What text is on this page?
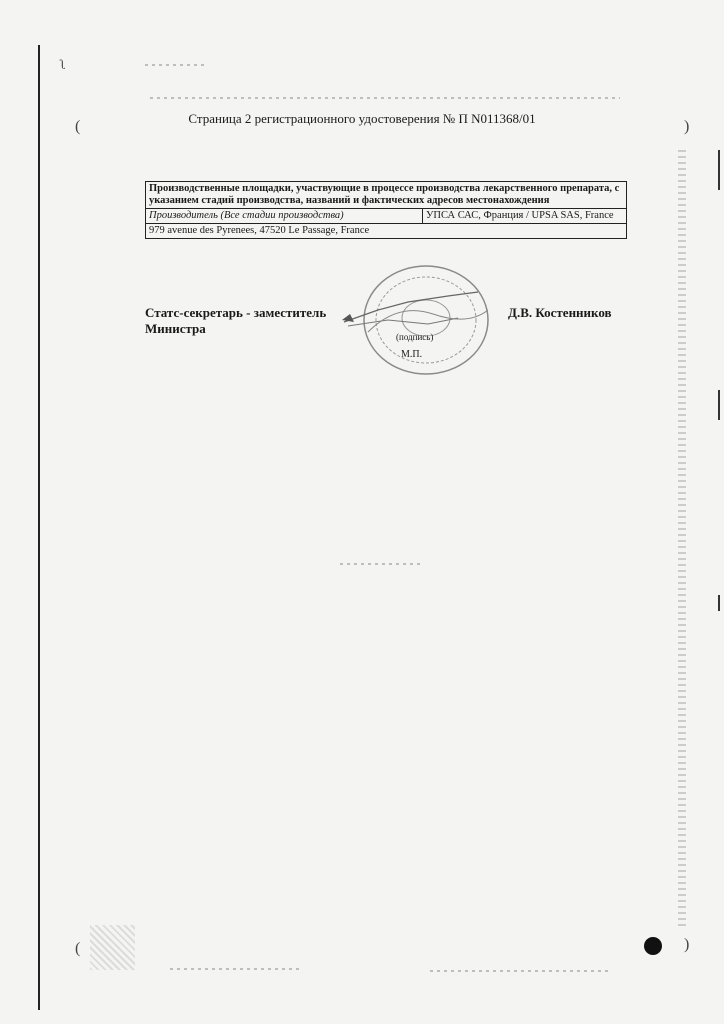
(	)
(	)
ʅ
Страница 2 регистрационного удостоверения № П N011368/01
Производственные площадки, участвующие в процессе производства лекарственного препарата, с указанием стадий производства, названий и фактических адресов местонахождения
Производитель (Все стадии производства)	УПСА САС, Франция / UPSA SAS, France
979 avenue des Pyrenees, 47520 Le Passage, France
Статс-секретарь - заместитель Министра
Д.В. Костенников
(подпись)
М.П.
